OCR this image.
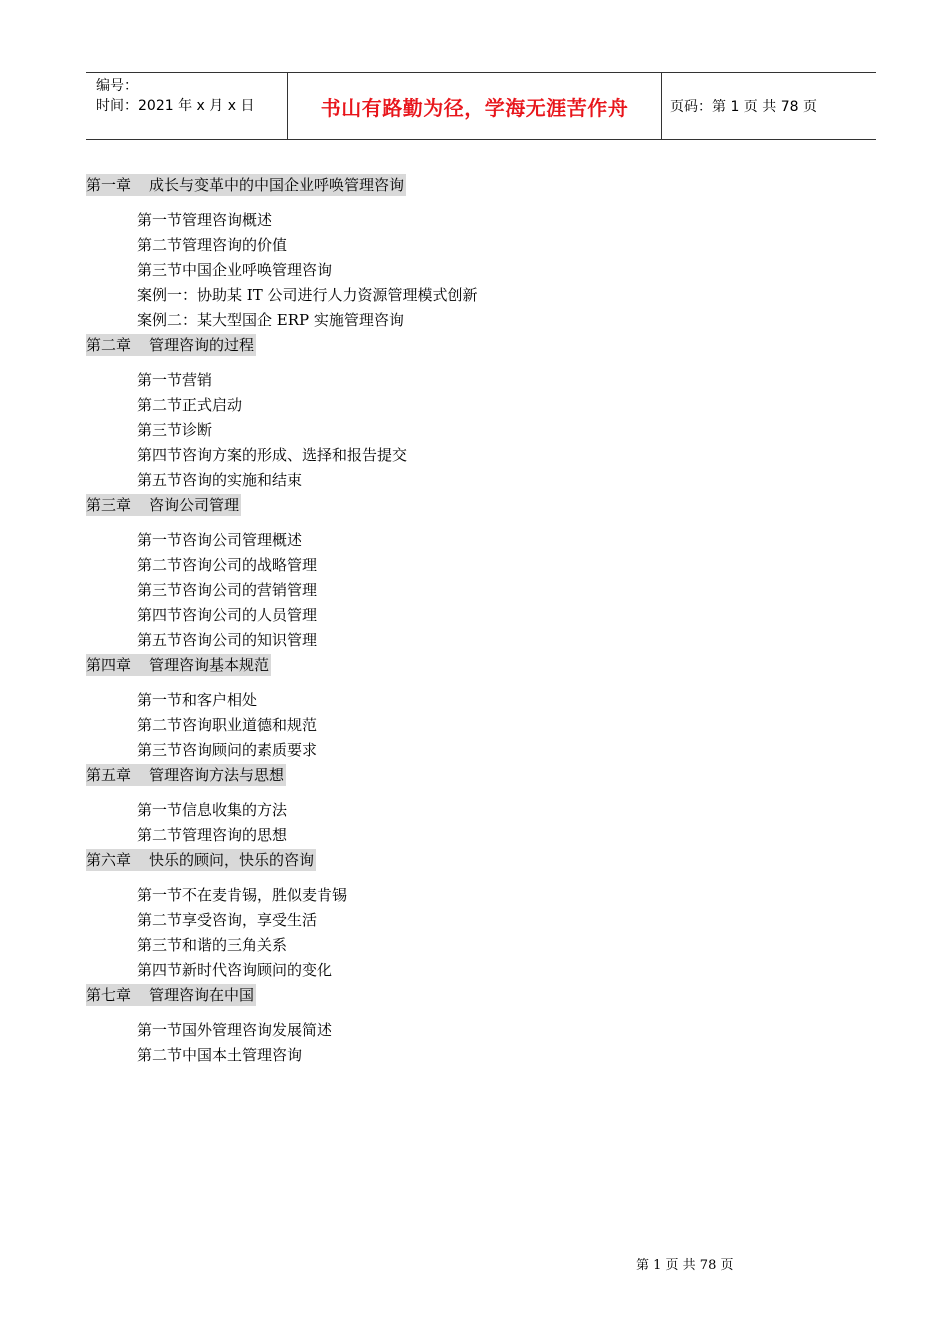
编号：
时间：2021 年 x 月 x 日	书山有路勤为径，学海无涯苦作舟	页码：第 1 页 共 78 页
第一章 成长与变革中的中国企业呼唤管理咨询
第一节管理咨询概述
第二节管理咨询的价值
第三节中国企业呼唤管理咨询
案例一：协助某 IT 公司进行人力资源管理模式创新
案例二：某大型国企 ERP 实施管理咨询
第二章 管理咨询的过程
第一节营销
第二节正式启动
第三节诊断
第四节咨询方案的形成、选择和报告提交
第五节咨询的实施和结束
第三章 咨询公司管理
第一节咨询公司管理概述
第二节咨询公司的战略管理
第三节咨询公司的营销管理
第四节咨询公司的人员管理
第五节咨询公司的知识管理
第四章 管理咨询基本规范
第一节和客户相处
第二节咨询职业道德和规范
第三节咨询顾问的素质要求
第五章 管理咨询方法与思想
第一节信息收集的方法
第二节管理咨询的思想
第六章 快乐的顾问，快乐的咨询
第一节不在麦肯锡，胜似麦肯锡
第二节享受咨询，享受生活
第三节和谐的三角关系
第四节新时代咨询顾问的变化
第七章 管理咨询在中国
第一节国外管理咨询发展简述
第二节中国本土管理咨询
第 1 页 共 78 页
